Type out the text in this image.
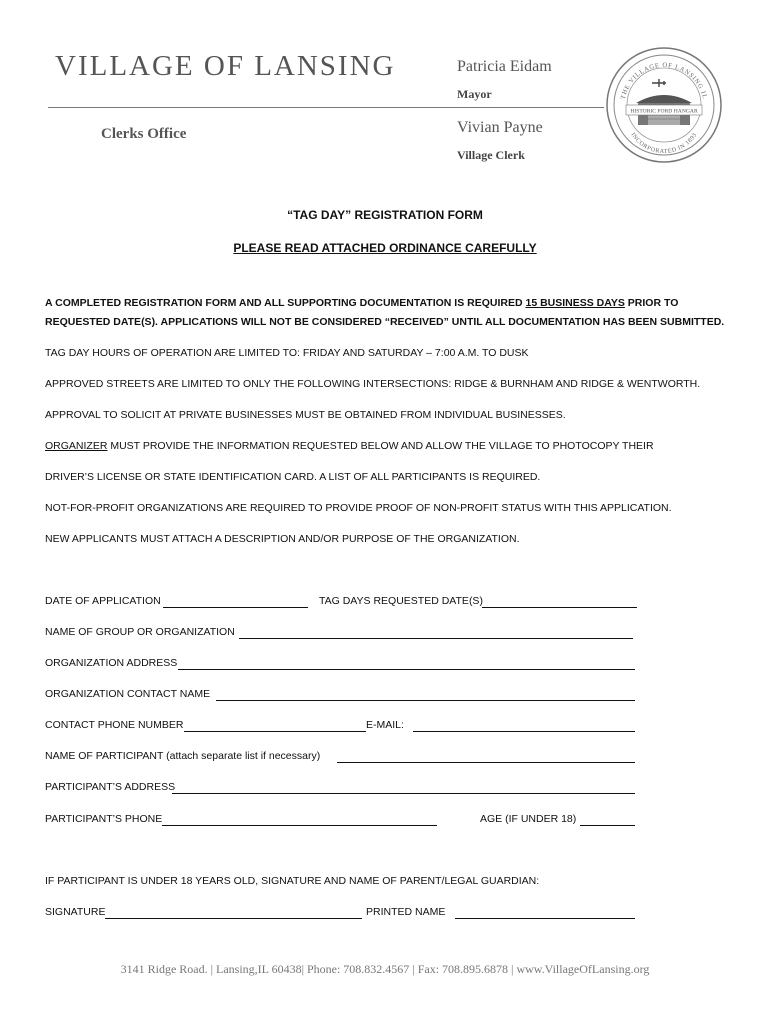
VILLAGE OF LANSING
Clerks Office
Patricia Eidam
Mayor
Vivian Payne
Village Clerk
THE VILLAGE OF LANSING IL
INCORPORATED IN 1893
HISTORIC FORD HANGAR
“TAG DAY” REGISTRATION FORM
PLEASE READ ATTACHED ORDINANCE CAREFULLY
A COMPLETED REGISTRATION FORM AND ALL SUPPORTING DOCUMENTATION IS REQUIRED 15 BUSINESS DAYS PRIOR TO
REQUESTED DATE(S). APPLICATIONS WILL NOT BE CONSIDERED “RECEIVED” UNTIL ALL DOCUMENTATION HAS BEEN SUBMITTED.
TAG DAY HOURS OF OPERATION ARE LIMITED TO: FRIDAY AND SATURDAY – 7:00 A.M. TO DUSK
APPROVED STREETS ARE LIMITED TO ONLY THE FOLLOWING INTERSECTIONS: RIDGE & BURNHAM AND RIDGE & WENTWORTH.
APPROVAL TO SOLICIT AT PRIVATE BUSINESSES MUST BE OBTAINED FROM INDIVIDUAL BUSINESSES.
ORGANIZER MUST PROVIDE THE INFORMATION REQUESTED BELOW AND ALLOW THE VILLAGE TO PHOTOCOPY THEIR
DRIVER’S LICENSE OR STATE IDENTIFICATION CARD. A LIST OF ALL PARTICIPANTS IS REQUIRED.
NOT-FOR-PROFIT ORGANIZATIONS ARE REQUIRED TO PROVIDE PROOF OF NON-PROFIT STATUS WITH THIS APPLICATION.
NEW APPLICANTS MUST ATTACH A DESCRIPTION AND/OR PURPOSE OF THE ORGANIZATION.
DATE OF APPLICATION	TAG DAYS REQUESTED DATE(S)
NAME OF GROUP OR ORGANIZATION
ORGANIZATION ADDRESS
ORGANIZATION CONTACT NAME
CONTACT PHONE NUMBER	E-MAIL:
NAME OF PARTICIPANT (attach separate list if necessary)
PARTICIPANT’S ADDRESS
PARTICIPANT’S PHONE	AGE (IF UNDER 18)
IF PARTICIPANT IS UNDER 18 YEARS OLD, SIGNATURE AND NAME OF PARENT/LEGAL GUARDIAN:
SIGNATURE	PRINTED NAME
3141 Ridge Road. | Lansing,IL 60438| Phone: 708.832.4567 | Fax: 708.895.6878 | www.VillageOfLansing.org
